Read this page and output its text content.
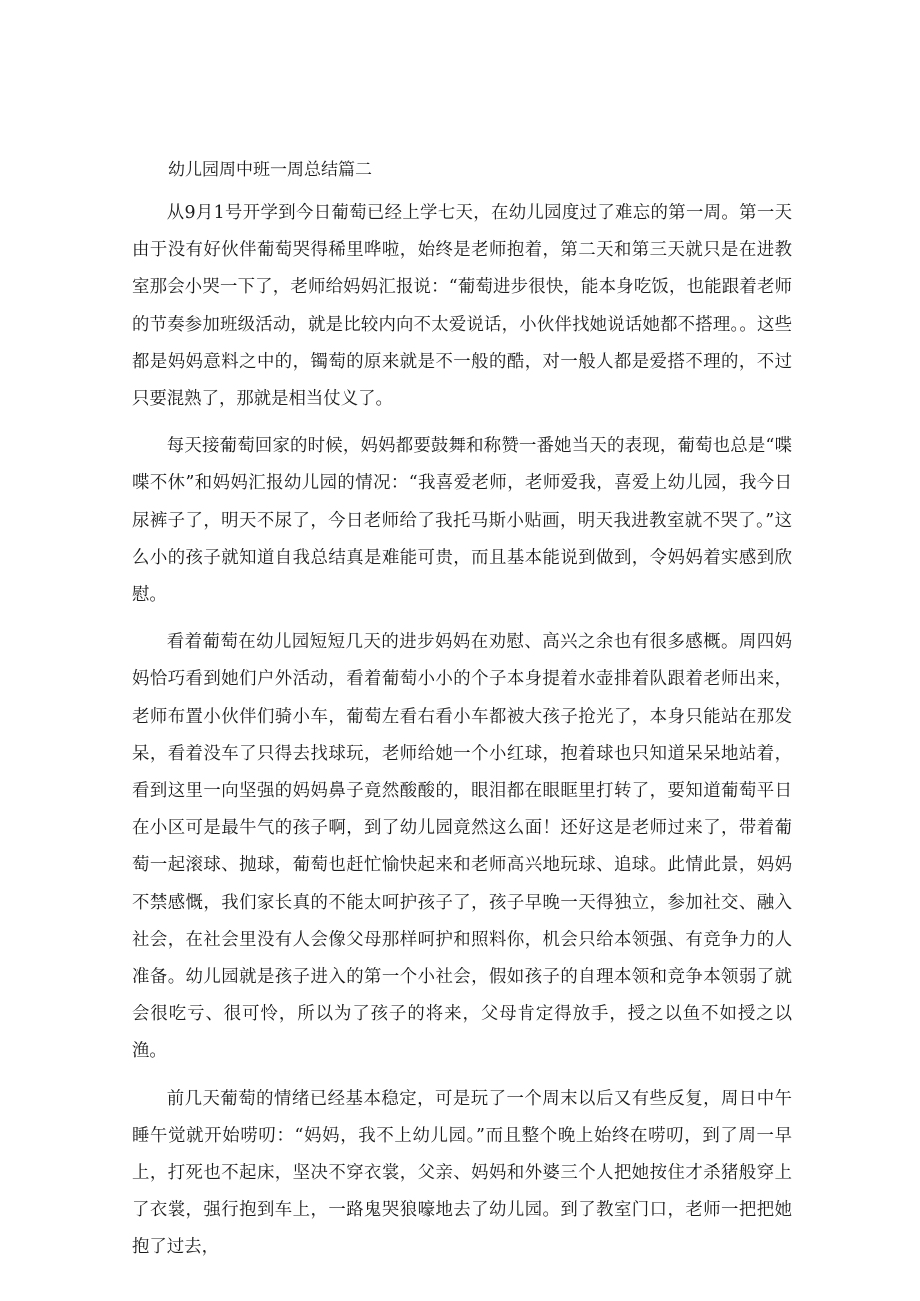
幼儿园周中班一周总结篇二

从9月1号开学到今日葡萄已经上学七天，在幼儿园度过了难忘的第一周。第一天由于没有好伙伴葡萄哭得稀里哗啦，始终是老师抱着，第二天和第三天就只是在进教室那会小哭一下了，老师给妈妈汇报说：“葡萄进步很快，能本身吃饭，也能跟着老师的节奏参加班级活动，就是比较内向不太爱说话，小伙伴找她说话她都不搭理。。这些都是妈妈意料之中的，镯萄的原来就是不一般的酷，对一般人都是爱搭不理的，不过只要混熟了，那就是相当仗义了。

每天接葡萄回家的时候，妈妈都要鼓舞和称赞一番她当天的表现，葡萄也总是“喋喋不休”和妈妈汇报幼儿园的情况：“我喜爱老师，老师爱我，喜爱上幼儿园，我今日尿裤子了，明天不尿了，今日老师给了我托马斯小贴画，明天我进教室就不哭了。”这么小的孩子就知道自我总结真是难能可贵，而且基本能说到做到，令妈妈着实感到欣慰。

看着葡萄在幼儿园短短几天的进步妈妈在劝慰、高兴之余也有很多感概。周四妈妈恰巧看到她们户外活动，看着葡萄小小的个子本身提着水壶排着队跟着老师出来，老师布置小伙伴们骑小车，葡萄左看右看小车都被大孩子抢光了，本身只能站在那发呆，看着没车了只得去找球玩，老师给她一个小红球，抱着球也只知道呆呆地站着，看到这里一向坚强的妈妈鼻子竟然酸酸的，眼泪都在眼眶里打转了，要知道葡萄平日在小区可是最牛气的孩子啊，到了幼儿园竟然这么面！还好这是老师过来了，带着葡萄一起滚球、抛球，葡萄也赶忙愉快起来和老师高兴地玩球、追球。此情此景，妈妈不禁感慨，我们家长真的不能太呵护孩子了，孩子早晚一天得独立，参加社交、融入社会，在社会里没有人会像父母那样呵护和照料你，机会只给本领强、有竞争力的人准备。幼儿园就是孩子进入的第一个小社会，假如孩子的自理本领和竞争本领弱了就会很吃亏、很可怜，所以为了孩子的将来，父母肯定得放手，授之以鱼不如授之以渔。

前几天葡萄的情绪已经基本稳定，可是玩了一个周末以后又有些反复，周日中午睡午觉就开始唠叨：“妈妈，我不上幼儿园。”而且整个晚上始终在唠叨，到了周一早上，打死也不起床，坚决不穿衣裳，父亲、妈妈和外婆三个人把她按住才杀猪般穿上了衣裳，强行抱到车上，一路鬼哭狼嚎地去了幼儿园。到了教室门口，老师一把把她抱了过去，
